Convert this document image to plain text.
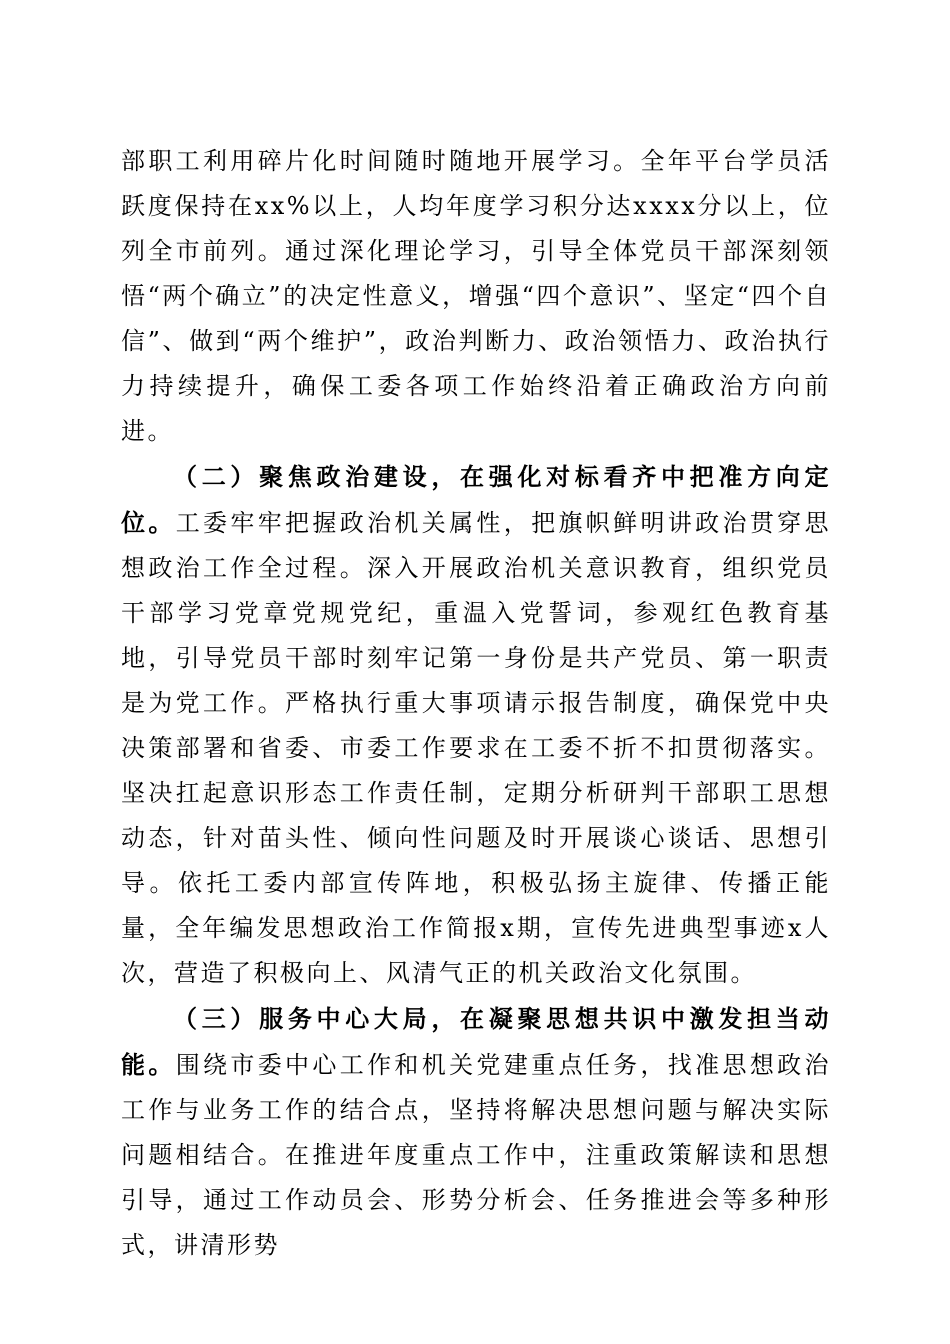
部职工利用碎片化时间随时随地开展学习。全年平台学员活跃度保持在xx%以上，人均年度学习积分达xxxx分以上，位列全市前列。通过深化理论学习，引导全体党员干部深刻领悟“两个确立”的决定性意义，增强“四个意识”、坚定“四个自信”、做到“两个维护”，政治判断力、政治领悟力、政治执行力持续提升，确保工委各项工作始终沿着正确政治方向前进。

（二）聚焦政治建设，在强化对标看齐中把准方向定位。工委牢牢把握政治机关属性，把旗帜鲜明讲政治贯穿思想政治工作全过程。深入开展政治机关意识教育，组织党员干部学习党章党规党纪，重温入党誓词，参观红色教育基地，引导党员干部时刻牢记第一身份是共产党员、第一职责是为党工作。严格执行重大事项请示报告制度，确保党中央决策部署和省委、市委工作要求在工委不折不扣贯彻落实。坚决扛起意识形态工作责任制，定期分析研判干部职工思想动态，针对苗头性、倾向性问题及时开展谈心谈话、思想引导。依托工委内部宣传阵地，积极弘扬主旋律、传播正能量，全年编发思想政治工作简报x期，宣传先进典型事迹x人次，营造了积极向上、风清气正的机关政治文化氛围。

（三）服务中心大局，在凝聚思想共识中激发担当动能。围绕市委中心工作和机关党建重点任务，找准思想政治工作与业务工作的结合点，坚持将解决思想问题与解决实际问题相结合。在推进年度重点工作中，注重政策解读和思想引导，通过工作动员会、形势分析会、任务推进会等多种形式，讲清形势
